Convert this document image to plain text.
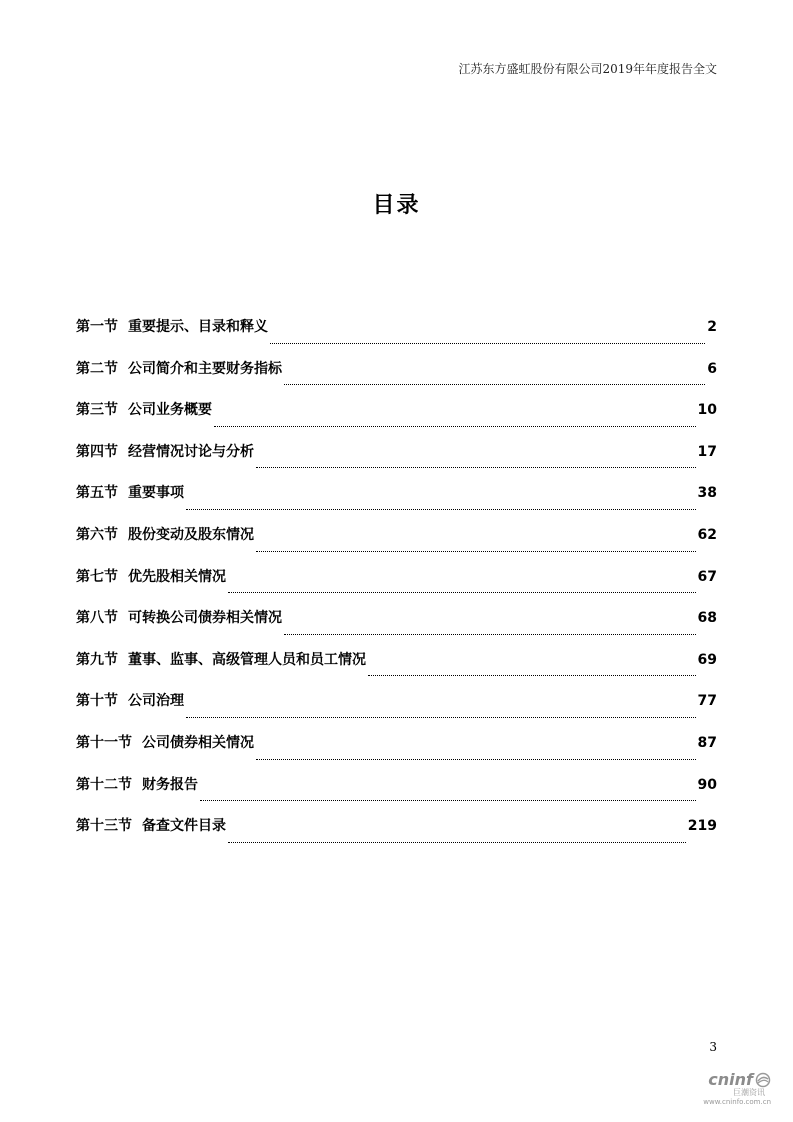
江苏东方盛虹股份有限公司2019年年度报告全文
目录
第一节 重要提示、目录和释义	2
第二节 公司简介和主要财务指标	6
第三节 公司业务概要	10
第四节 经营情况讨论与分析	17
第五节 重要事项	38
第六节 股份变动及股东情况	62
第七节 优先股相关情况	67
第八节 可转换公司债券相关情况	68
第九节 董事、监事、高级管理人员和员工情况	69
第十节 公司治理	77
第十一节 公司债券相关情况	87
第十二节 财务报告	90
第十三节 备查文件目录	219
3
cninf
巨潮资讯
www.cninfo.com.cn
